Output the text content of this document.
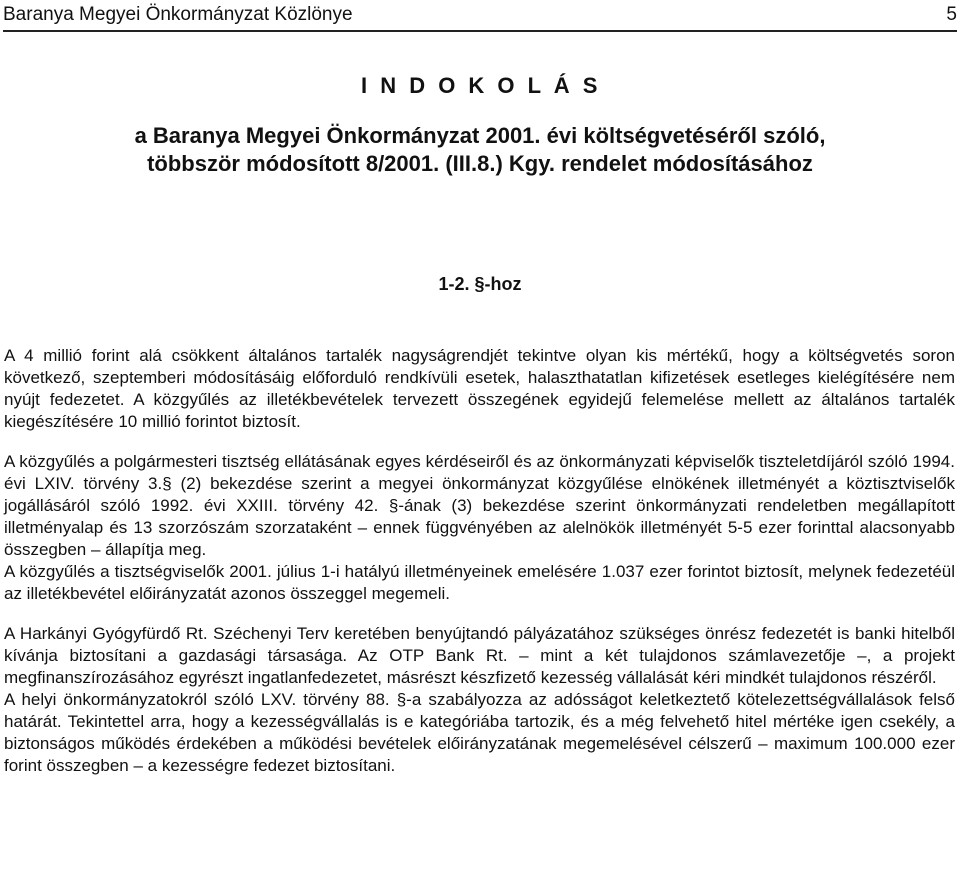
Baranya Megyei Önkormányzat Közlönye	5
I N D O K O L Á S
a Baranya Megyei Önkormányzat 2001. évi költségvetéséről szóló,
többször módosított 8/2001. (III.8.) Kgy. rendelet módosításához
1-2. §-hoz

A 4 millió forint alá csökkent általános tartalék nagyságrendjét tekintve olyan kis mértékű, hogy a költségvetés soron következő, szeptemberi módosításáig előforduló rendkívüli esetek, halaszthatatlan kifizetések esetleges kielégítésére nem nyújt fedezetet. A közgyűlés az illetékbevételek tervezett összegének egyidejű felemelése mellett az általános tartalék kiegészítésére 10 millió forintot biztosít.

A közgyűlés a polgármesteri tisztség ellátásának egyes kérdéseiről és az önkormányzati képviselők tiszteletdíjáról szóló 1994. évi LXIV. törvény 3.§ (2) bekezdése szerint a megyei önkormányzat közgyűlése elnökének illetményét a köztisztviselők jogállásáról szóló 1992. évi XXIII. törvény 42. §-ának (3) bekezdése szerint önkormányzati rendeletben megállapított illetményalap és 13 szorzószám szorzataként – ennek függvényében az alelnökök illetményét 5-5 ezer forinttal alacsonyabb összegben – állapítja meg.

A közgyűlés a tisztségviselők 2001. július 1-i hatályú illetményeinek emelésére 1.037 ezer forintot biztosít, melynek fedezetéül az illetékbevétel előirányzatát azonos összeggel megemeli.

A Harkányi Gyógyfürdő Rt. Széchenyi Terv keretében benyújtandó pályázatához szükséges önrész fedezetét is banki hitelből kívánja biztosítani a gazdasági társasága. Az OTP Bank Rt. – mint a két tulajdonos számlavezetője –, a projekt megfinanszírozásához egyrészt ingatlanfedezetet, másrészt készfizető kezesség vállalását kéri mindkét tulajdonos részéről.

A helyi önkormányzatokról szóló LXV. törvény 88. §-a szabályozza az adósságot keletkeztető kötelezettségvállalások felső határát. Tekintettel arra, hogy a kezességvállalás is e kategóriába tartozik, és a még felvehető hitel mértéke igen csekély, a biztonságos működés érdekében a működési bevételek előirányzatának megemelésével célszerű – maximum 100.000 ezer forint összegben – a kezességre fedezet biztosítani.
